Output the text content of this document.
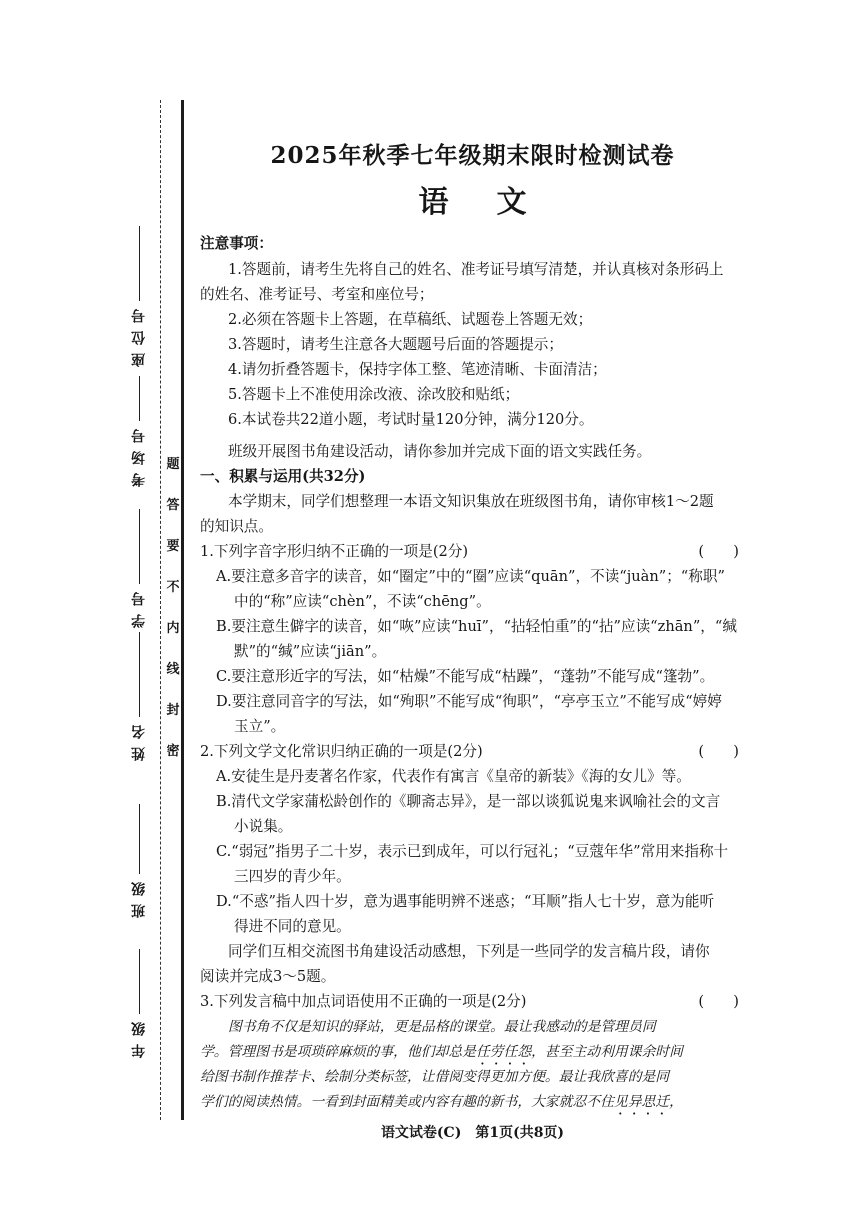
座位号
考场号
学号
姓名
班级
年级
题
答
要
不
内
线
封
密
2025年秋季七年级期末限时检测试卷
语文
注意事项：
1.答题前，请考生先将自己的姓名、准考证号填写清楚，并认真核对条形码上
的姓名、准考证号、考室和座位号；
2.必须在答题卡上答题，在草稿纸、试题卷上答题无效；
3.答题时，请考生注意各大题题号后面的答题提示；
4.请勿折叠答题卡，保持字体工整、笔迹清晰、卡面清洁；
5.答题卡上不准使用涂改液、涂改胶和贴纸；
6.本试卷共22道小题，考试时量120分钟，满分120分。
班级开展图书角建设活动，请你参加并完成下面的语文实践任务。
一、积累与运用(共32分)
本学期末，同学们想整理一本语文知识集放在班级图书角，请你审核1～2题
的知识点。
1.下列字音字形归纳不正确的一项是(2分)	(　　)
A.要注意多音字的读音，如“圈定”中的“圈”应读“quān”，不读“juàn”；“称职”
中的“称”应读“chèn”，不读“chēng”。
B.要注意生僻字的读音，如“咴”应读“huī”，“拈轻怕重”的“拈”应读“zhān”，“缄
默”的“缄”应读“jiān”。
C.要注意形近字的写法，如“枯燥”不能写成“枯躁”，“蓬勃”不能写成“篷勃”。
D.要注意同音字的写法，如“殉职”不能写成“徇职”，“亭亭玉立”不能写成“婷婷
玉立”。
2.下列文学文化常识归纳正确的一项是(2分)	(　　)
A.安徒生是丹麦著名作家，代表作有寓言《皇帝的新装》《海的女儿》等。
B.清代文学家蒲松龄创作的《聊斋志异》，是一部以谈狐说鬼来讽喻社会的文言
小说集。
C.“弱冠”指男子二十岁，表示已到成年，可以行冠礼；“豆蔻年华”常用来指称十
三四岁的青少年。
D.“不惑”指人四十岁，意为遇事能明辨不迷惑；“耳顺”指人七十岁，意为能听
得进不同的意见。
同学们互相交流图书角建设活动感想，下列是一些同学的发言稿片段，请你
阅读并完成3～5题。
3.下列发言稿中加点词语使用不正确的一项是(2分)	(　　)
图书角不仅是知识的驿站，更是品格的课堂。最让我感动的是管理员同
学。管理图书是项琐碎麻烦的事，他们却总是任劳任怨，甚至主动利用课余时间
给图书制作推荐卡、绘制分类标签，让借阅变得更加方便。最让我欣喜的是同
学们的阅读热情。一看到封面精美或内容有趣的新书，大家就忍不住见异思迁，
语文试卷(C)　第1页(共8页)
